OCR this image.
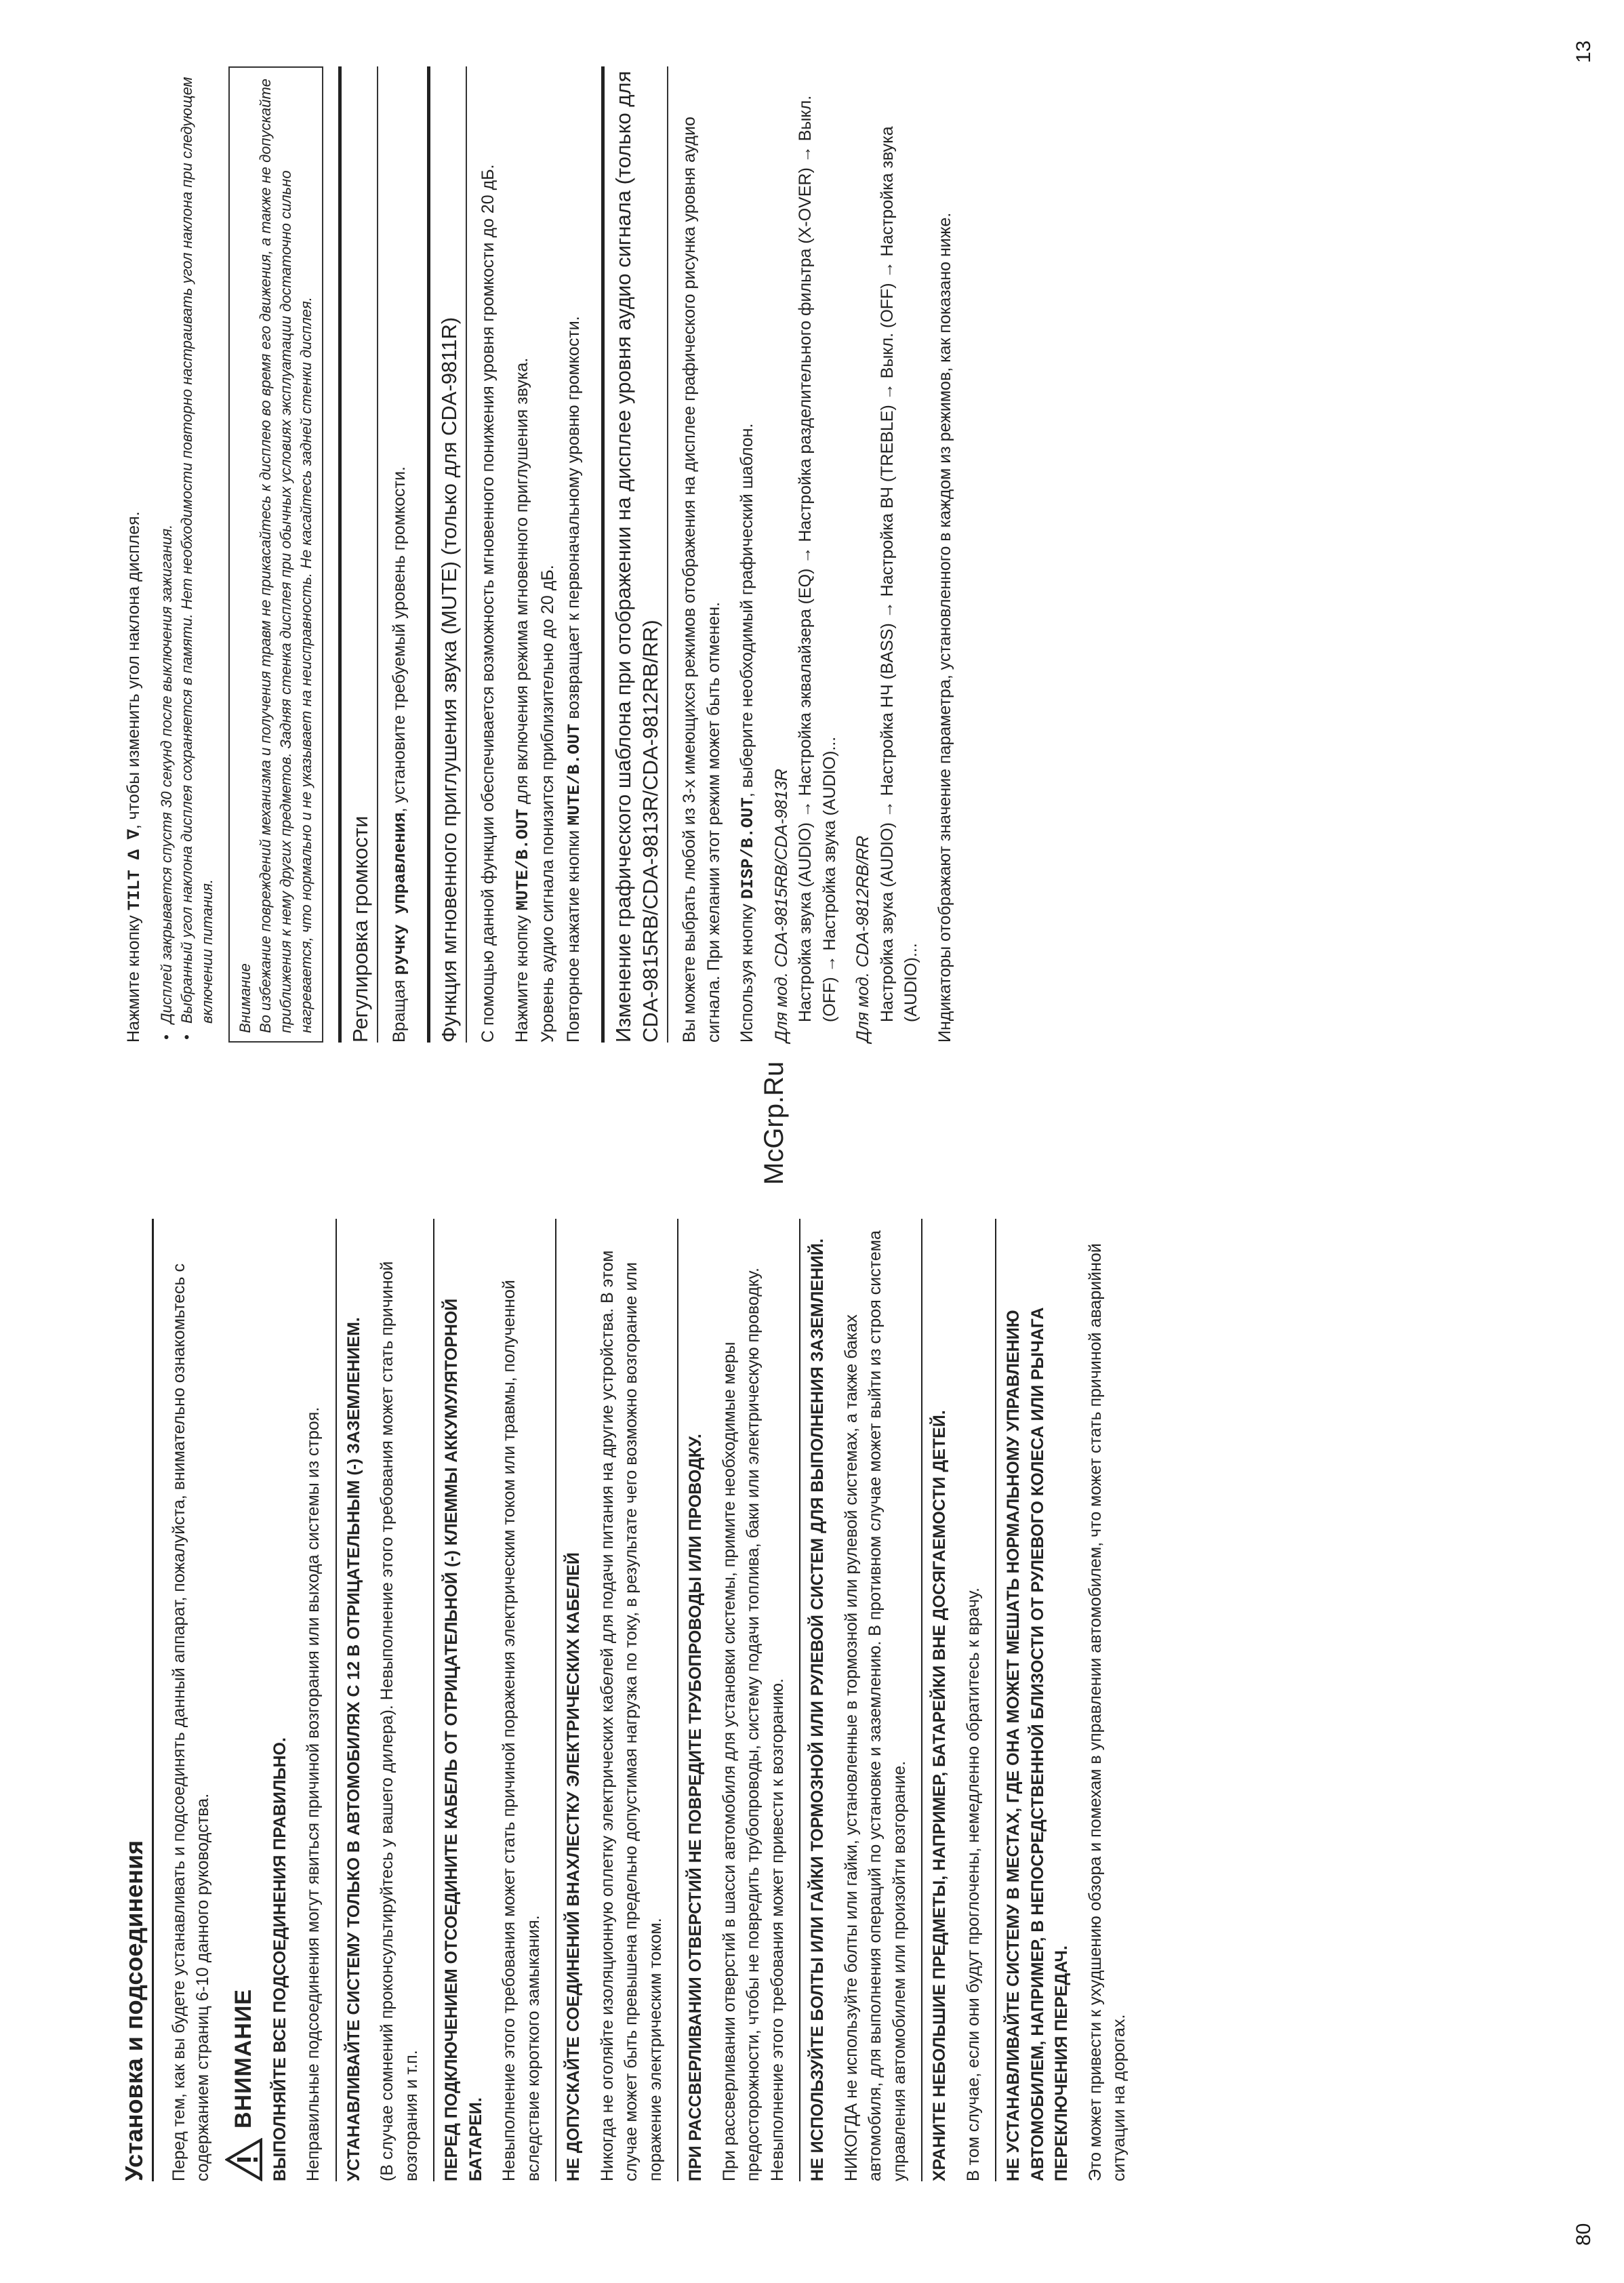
80
13
Установка и подсоединения	Перед тем, как вы будете устанавливать и подсоединять данный аппарат, пожалуйста, внимательно ознакомьтесь с содержанием страниц 6-10 данного руководства. ВНИМАНИЕ ВЫПОЛНЯЙТЕ ВСЕ ПОДСОЕДИНЕНИЯ ПРАВИЛЬНО. Неправильные подсоединения могут явиться причиной возгорания или выхода системы из строя. УСТАНАВЛИВАЙТЕ СИСТЕМУ ТОЛЬКО В АВТОМОБИЛЯХ С 12 В ОТРИЦАТЕЛЬНЫМ (-) ЗАЗЕМЛЕНИЕМ. (В случае сомнений проконсультируйтесь у вашего дилера). Невыполнение этого требования может стать причиной возгорания и т.п. ПЕРЕД ПОДКЛЮЧЕНИЕМ ОТСОЕДИНИТЕ КАБЕЛЬ ОТ ОТРИЦАТЕЛЬНОЙ (-) КЛЕММЫ АККУМУЛЯТОРНОЙ БАТАРЕИ. Невыполнение этого требования может стать причиной поражения электрическим током или травмы, полученной вследствие короткого замыкания. НЕ ДОПУСКАЙТЕ СОЕДИНЕНИЙ ВНАХЛЕСТКУ ЭЛЕКТРИЧЕСКИХ КАБЕЛЕЙ Никогда не оголяйте изоляционную оплетку электрических кабелей для подачи питания на другие устройства. В этом случае может быть превышена предельно допустимая нагрузка по току, в результате чего возможно возгорание или поражение электрическим током. ПРИ РАССВЕРЛИВАНИИ ОТВЕРСТИЙ НЕ ПОВРЕДИТЕ ТРУБОПРОВОДЫ ИЛИ ПРОВОДКУ. При рассверливании отверстий в шасси автомобиля для установки системы, примите необходимые меры предосторожности, чтобы не повредить трубопроводы, систему подачи топлива, баки или электрическую проводку. Невыполнение этого требования может привести к возгоранию. НЕ ИСПОЛЬЗУЙТЕ БОЛТЫ ИЛИ ГАЙКИ ТОРМОЗНОЙ ИЛИ РУЛЕВОЙ СИСТЕМ ДЛЯ ВЫПОЛНЕНИЯ ЗАЗЕМЛЕНИЙ. НИКОГДА не используйте болты или гайки, установленные в тормозной или рулевой системах, а также баках автомобиля, для выполнения операций по установке и заземлению. В противном случае может выйти из строя система управления автомобилем или произойти возгорание. ХРАНИТЕ НЕБОЛЬШИЕ ПРЕДМЕТЫ, НАПРИМЕР, БАТАРЕЙКИ ВНЕ ДОСЯГАЕМОСТИ ДЕТЕЙ. В том случае, если они будут проглочены, немедленно обратитесь к врачу. НЕ УСТАНАВЛИВАЙТЕ СИСТЕМУ В МЕСТАХ, ГДЕ ОНА МОЖЕТ МЕШАТЬ НОРМАЛЬНОМУ УПРАВЛЕНИЮ АВТОМОБИЛЕМ, НАПРИМЕР, В НЕПОСРЕДСТВЕННОЙ БЛИЗОСТИ ОТ РУЛЕВОГО КОЛЕСА ИЛИ РЫЧАГА ПЕРЕКЛЮЧЕНИЯ ПЕРЕДАЧ. Это может привести к ухудшению обзора и помехам в управлении автомобилем, что может стать причиной аварийной ситуации на дорогах.

McGrp.Ru

Нажмите кнопку TILT ∆ ∇, чтобы изменить угол наклона дисплея. • Дисплей закрывается спустя 30 секунд после выключения зажигания. • Выбранный угол наклона дисплея сохраняется в памяти. Нет необходимости повторно настраивать угол наклона при следующем включении питания. Внимание Во избежание повреждений механизма и получения травм не прикасайтесь к дисплею во время его движения, а также не допускайте приближения к нему других предметов. Задняя стенка дисплея при обычных условиях эксплуатации достаточно сильно нагревается, что нормально и не указывает на неисправность. Не касайтесь задней стенки дисплея. Регулировка громкости	Вращая ручку управления, установите требуемый уровень громкости. Функция мгновенного приглушения звука (MUTE) (только для CDA-9811R)	С помощью данной функции обеспечивается возможность мгновенного понижения уровня громкости до 20 дБ. Нажмите кнопку MUTE/B.OUT для включения режима мгновенного приглушения звука. Уровень аудио сигнала понизится приблизительно до 20 дБ. Повторное нажатие кнопки MUTE/B.OUT возвращает к первоначальному уровню громкости. Изменение графического шаблона при отображении на дисплее уровня аудио сигнала (только для CDA-9815RB/CDA-9813R/CDA-9812RB/RR)	Вы можете выбрать любой из 3-х имеющихся режимов отображения на дисплее графического рисунка уровня аудио сигнала. При желании этот режим может быть отменен. Используя кнопку DISP/B.OUT, выберите необходимый графический шаблон.

Для мод. CDA-9815RB/CDA-9813R Настройка звука (AUDIO) → Настройка эквалайзера (EQ) → Настройка разделительного фильтра (X-OVER) → Выкл. (OFF) → Настройка звука (AUDIO)... Для мод. CDA-9812RB/RR Настройка звука (AUDIO) → Настройка НЧ (BASS) → Настройка ВЧ (TREBLE) → Выкл. (OFF) → Настройка звука (AUDIO)... Индикаторы отображают значение параметра, установленного в каждом из режимов, как показано ниже.
